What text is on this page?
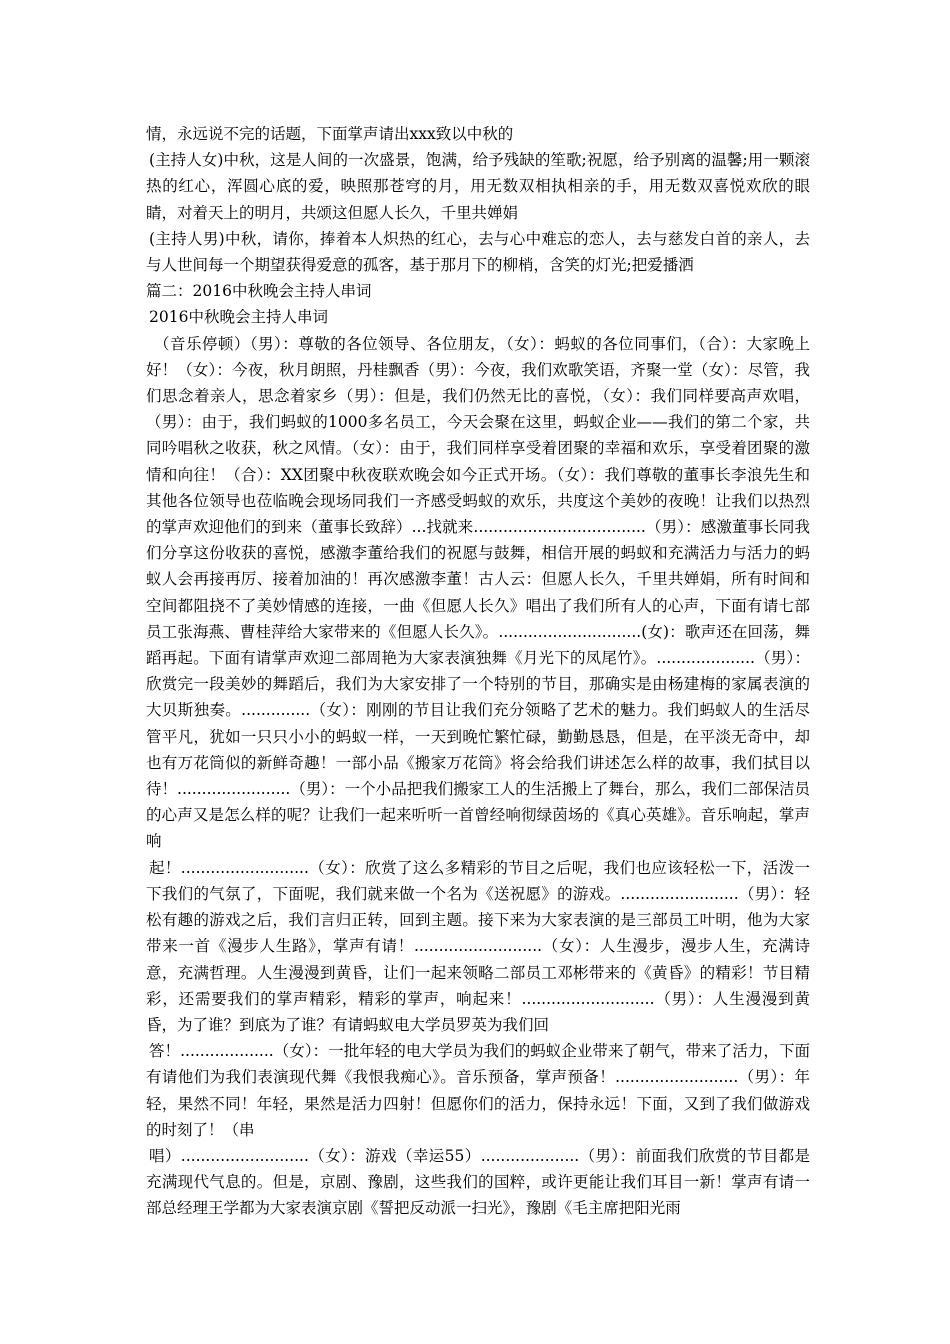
情，永远说不完的话题，下面掌声请出xxx致以中秋的

(主持人女)中秋，这是人间的一次盛景，饱满，给予残缺的笙歌;祝愿，给予别离的温馨;用一颗滚热的红心，浑圆心底的爱，映照那苍穹的月，用无数双相执相亲的手，用无数双喜悦欢欣的眼睛，对着天上的明月，共颂这但愿人长久，千里共婵娟

(主持人男)中秋，请你，捧着本人炽热的红心，去与心中难忘的恋人，去与慈发白首的亲人，去与人世间每一个期望获得爱意的孤客，基于那月下的柳梢，含笑的灯光;把爱播洒

篇二：2016中秋晚会主持人串词

2016中秋晚会主持人串词

（音乐停顿）（男）：尊敬的各位领导、各位朋友，（女）：蚂蚁的各位同事们，（合）：大家晚上好！（女）：今夜，秋月朗照，丹桂飘香（男）：今夜，我们欢歌笑语，齐聚一堂（女）：尽管，我们思念着亲人，思念着家乡（男）：但是，我们仍然无比的喜悦，（女）：我们同样要高声欢唱，（男）：由于，我们蚂蚁的1000多名员工，今天会聚在这里，蚂蚁企业——我们的第二个家，共同吟唱秋之收获，秋之风情。（女）：由于，我们同样享受着团聚的幸福和欢乐，享受着团聚的激情和向往！（合）：XX团聚中秋夜联欢晚会如今正式开场。（女）：我们尊敬的董事长李浪先生和其他各位领导也莅临晚会现场同我们一齐感受蚂蚁的欢乐，共度这个美妙的夜晚！让我们以热烈的掌声欢迎他们的到来（董事长致辞）...找就来...................................（男）：感激董事长同我们分享这份收获的喜悦，感激李董给我们的祝愿与鼓舞，相信开展的蚂蚁和充满活力与活力的蚂蚁人会再接再厉、接着加油的！再次感激李董！古人云：但愿人长久，千里共婵娟，所有时间和空间都阻挠不了美妙情感的连接，一曲《但愿人长久》唱出了我们所有人的心声，下面有请七部员工张海燕、曹桂萍给大家带来的《但愿人长久》。.............................(女)：歌声还在回荡，舞蹈再起。下面有请掌声欢迎二部周艳为大家表演独舞《月光下的凤尾竹》。....................（男）：欣赏完一段美妙的舞蹈后，我们为大家安排了一个特别的节目，那确实是由杨建梅的家属表演的大贝斯独奏。..............（女）：刚刚的节目让我们充分领略了艺术的魅力。我们蚂蚁人的生活尽管平凡，犹如一只只小小的蚂蚁一样，一天到晚忙繁忙碌，勤勤恳恳，但是，在平淡无奇中，却也有万花筒似的新鲜奇趣！一部小品《搬家万花筒》将会给我们讲述怎么样的故事，我们拭目以待！.......................（男）：一个小品把我们搬家工人的生活搬上了舞台，那么，我们二部保洁员的心声又是怎么样的呢？让我们一起来听听一首曾经响彻绿茵场的《真心英雄》。音乐响起，掌声响

起！..........................（女）：欣赏了这么多精彩的节目之后呢，我们也应该轻松一下，活泼一下我们的气氛了，下面呢，我们就来做一个名为《送祝愿》的游戏。........................（男）：轻松有趣的游戏之后，我们言归正转，回到主题。接下来为大家表演的是三部员工叶明，他为大家带来一首《漫步人生路》，掌声有请！..........................（女）：人生漫步，漫步人生，充满诗意，充满哲理。人生漫漫到黄昏，让们一起来领略二部员工邓彬带来的《黄昏》的精彩！节目精彩，还需要我们的掌声精彩，精彩的掌声，响起来！...........................（男）：人生漫漫到黄昏，为了谁？到底为了谁？有请蚂蚁电大学员罗英为我们回

答！...................（女）：一批年轻的电大学员为我们的蚂蚁企业带来了朝气，带来了活力，下面有请他们为我们表演现代舞《我恨我痴心》。音乐预备，掌声预备！.........................（男）：年轻，果然不同！年轻，果然是活力四射！但愿你们的活力，保持永远！下面，又到了我们做游戏的时刻了！（串

唱）..........................（女）：游戏（幸运55）....................（男）：前面我们欣赏的节目都是充满现代气息的。但是，京剧、豫剧，这些我们的国粹，或许更能让我们耳目一新！掌声有请一部总经理王学都为大家表演京剧《誓把反动派一扫光》，豫剧《毛主席把阳光雨
